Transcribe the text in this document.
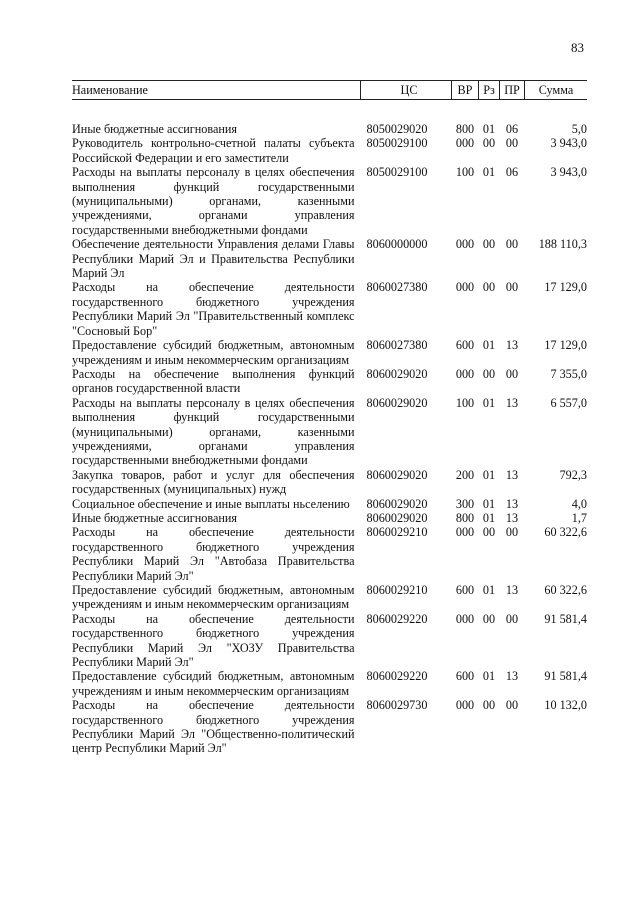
83
Наименование	ЦС	ВР	Рз	ПР	Сумма
Иные бюджетные ассигнования	8050029020	800	01	06	5,0
Руководитель контрольно-счетной палаты субъекта Российской Федерации и его заместители	8050029100	000	00	00	3 943,0
Расходы на выплаты персоналу в целях обеспечения выполнения функций государственными (муниципальными) органами, казенными учреждениями, органами управления государственными внебюджетными фондами	8050029100	100	01	06	3 943,0
Обеспечение деятельности Управления делами Главы Республики Марий Эл и Правительства Республики Марий Эл	8060000000	000	00	00	188 110,3
Расходы на обеспечение деятельности государственного бюджетного учреждения Республики Марий Эл "Правительственный комплекс "Сосновый Бор"	8060027380	000	00	00	17 129,0
Предоставление субсидий бюджетным, автономным учреждениям и иным некоммерческим организациям	8060027380	600	01	13	17 129,0
Расходы на обеспечение выполнения функций органов государственной власти	8060029020	000	00	00	7 355,0
Расходы на выплаты персоналу в целях обеспечения выполнения функций государственными (муниципальными) органами, казенными учреждениями, органами управления государственными внебюджетными фондами	8060029020	100	01	13	6 557,0
Закупка товаров, работ и услуг для обеспечения государственных (муниципальных) нужд	8060029020	200	01	13	792,3
Социальное обеспечение и иные выплаты ньселению	8060029020	300	01	13	4,0
Иные бюджетные ассигнования	8060029020	800	01	13	1,7
Расходы на обеспечение деятельности государственного бюджетного учреждения Республики Марий Эл "Автобаза Правительства Республики Марий Эл"	8060029210	000	00	00	60 322,6
Предоставление субсидий бюджетным, автономным учреждениям и иным некоммерческим организациям	8060029210	600	01	13	60 322,6
Расходы на обеспечение деятельности государственного бюджетного учреждения Республики Марий Эл "ХОЗУ Правительства Республики Марий Эл"	8060029220	000	00	00	91 581,4
Предоставление субсидий бюджетным, автономным учреждениям и иным некоммерческим организациям	8060029220	600	01	13	91 581,4
Расходы на обеспечение деятельности государственного бюджетного учреждения Республики Марий Эл "Общественно-политический центр Республики Марий Эл"	8060029730	000	00	00	10 132,0
